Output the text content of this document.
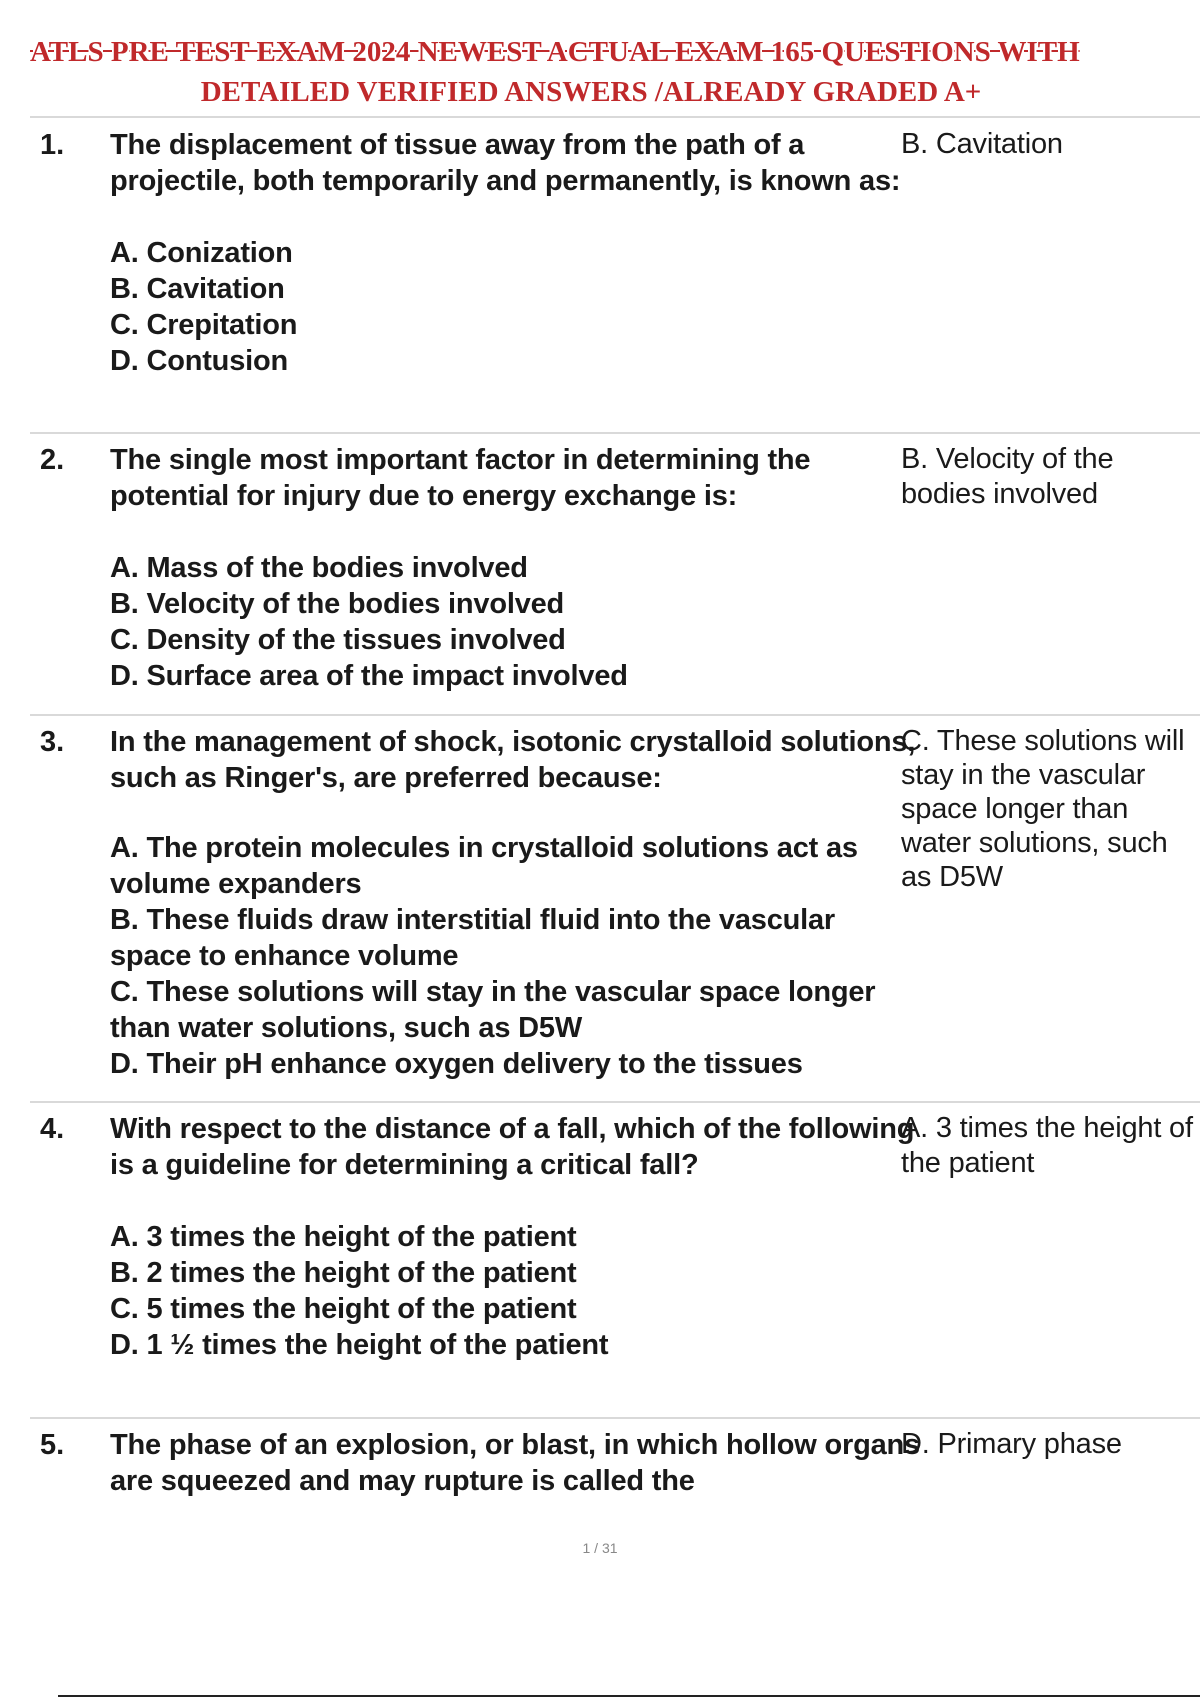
ATLS PRE TEST EXAM 2024 NEWEST ACTUAL EXAM 165 QUESTIONS WITH
DETAILED VERIFIED ANSWERS /ALREADY GRADED A+
1. The displacement of tissue away from the path of a projectile, both temporarily and permanently, is known as:
A. Conization
B. Cavitation
C. Crepitation
D. Contusion
B. Cavitation
2. The single most important factor in determining the potential for injury due to energy exchange is:
A. Mass of the bodies involved
B. Velocity of the bodies involved
C. Density of the tissues involved
D. Surface area of the impact involved
B. Velocity of the bodies involved
3. In the management of shock, isotonic crystalloid solutions, such as Ringer's, are preferred because:
A. The protein molecules in crystalloid solutions act as volume expanders
B. These fluids draw interstitial fluid into the vascular space to enhance volume
C. These solutions will stay in the vascular space longer than water solutions, such as D5W
D. Their pH enhance oxygen delivery to the tissues
C. These solutions will stay in the vascular space longer than water solutions, such as D5W
4. With respect to the distance of a fall, which of the following is a guideline for determining a critical fall?
A. 3 times the height of the patient
B. 2 times the height of the patient
C. 5 times the height of the patient
D. 1 ½ times the height of the patient
A. 3 times the height of the patient
5. The phase of an explosion, or blast, in which hollow organs are squeezed and may rupture is called the
D. Primary phase
1 / 31
